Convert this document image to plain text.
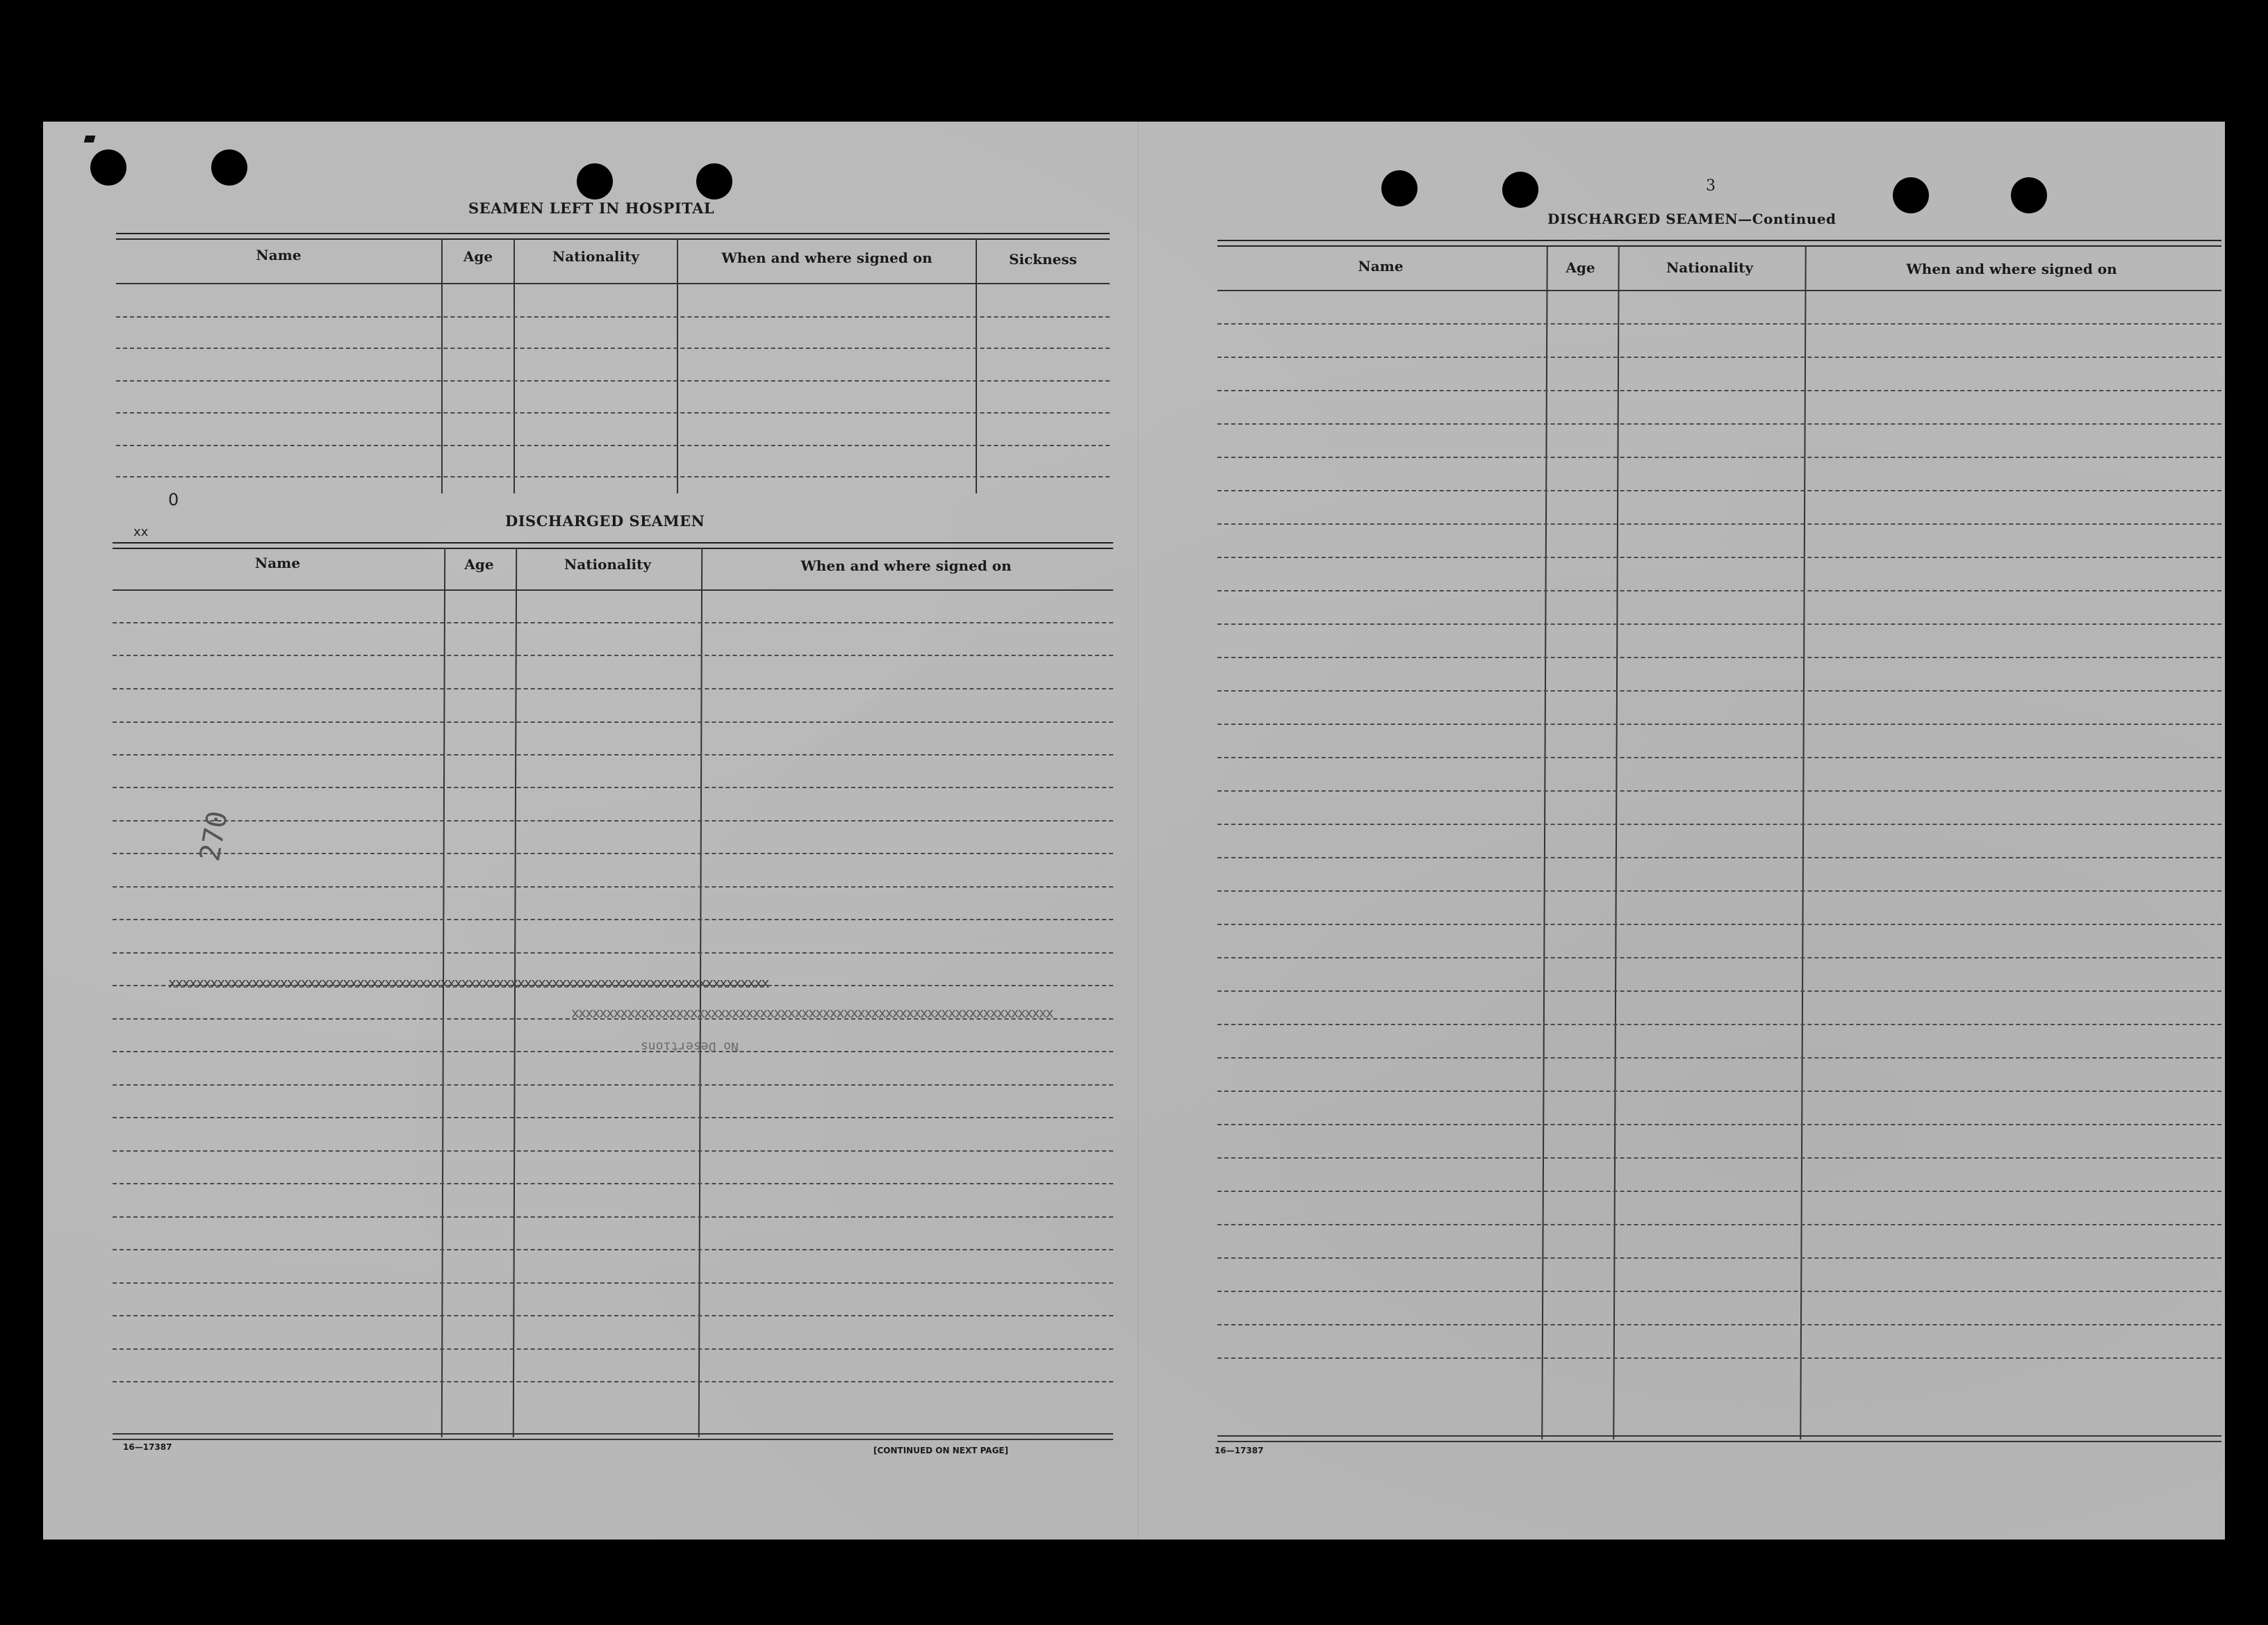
SEAMEN LEFT IN HOSPITAL
Name	Age	Nationality	When and where signed on	Sickness
0
xx
DISCHARGED SEAMEN
Name	Age	Nationality	When and where signed on
xxxxxxxxxxxxxxxxxxxxxxxxxxxxxxxxxxxxxxxxxxxxxxxxxxxxxxxxxxxxxxxxxxxxxxxxxxxxxxxxxxxxxx
xxxxxxxxxxxxxxxxxxxxxxxxxxxxxxxxxxxxxxxxxxxxxxxxxxxxxxxxxxxxxxxxxxxxx
No Desertions
270
16—17387	[CONTINUED ON NEXT PAGE]
3
DISCHARGED SEAMEN—Continued
Name	Age	Nationality	When and where signed on
16—17387
